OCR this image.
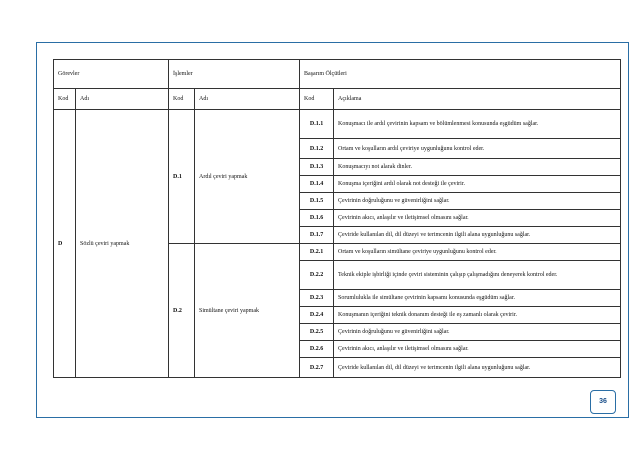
Görevler		İşlemler		Başarım Ölçütleri	
Kod	Adı	Kod	Adı	Kod	Açıklama
D	Sözlü çeviri yapmak	D.1	Ardıl çeviri yapmak	D.1.1	Konuşmacı ile ardıl çevirinin kapsam ve bölümlenmesi konusunda eşgüdüm sağlar.
				D.1.2	Ortam ve koşulların ardıl çeviriye uygunluğunu kontrol eder.
				D.1.3	Konuşmacıyı not alarak dinler.
				D.1.4	Konuşma içeriğini ardıl olarak not desteği ile çevirir.
				D.1.5	Çevirinin doğruluğunu ve güvenirliğini sağlar.
				D.1.6	Çevirinin akıcı, anlaşılır ve iletişimsel olmasını sağlar.
				D.1.7	Çeviride kullanılan dil, dil düzeyi ve terimcenin ilgili alana uygunluğunu sağlar.
		D.2	Simültane çeviri yapmak	D.2.1	Ortam ve koşulların simültane çeviriye uygunluğunu kontrol eder.
				D.2.2	Teknik ekiple işbirliği içinde çeviri sisteminin çalışıp çalışmadığını deneyerek kontrol eder.
				D.2.3	Sorumlulukla ile simültane çevirinin kapsamı konusunda eşgüdüm sağlar.
				D.2.4	Konuşmanın içeriğini teknik donanım desteği ile eş zamanlı olarak çevirir.
				D.2.5	Çevirinin doğruluğunu ve güvenirliğini sağlar.
				D.2.6	Çevirinin akıcı, anlaşılır ve iletişimsel olmasını sağlar.
				D.2.7	Çeviride kullanılan dil, dil düzeyi ve terimcenin ilgili alana uygunluğunu sağlar.
36
